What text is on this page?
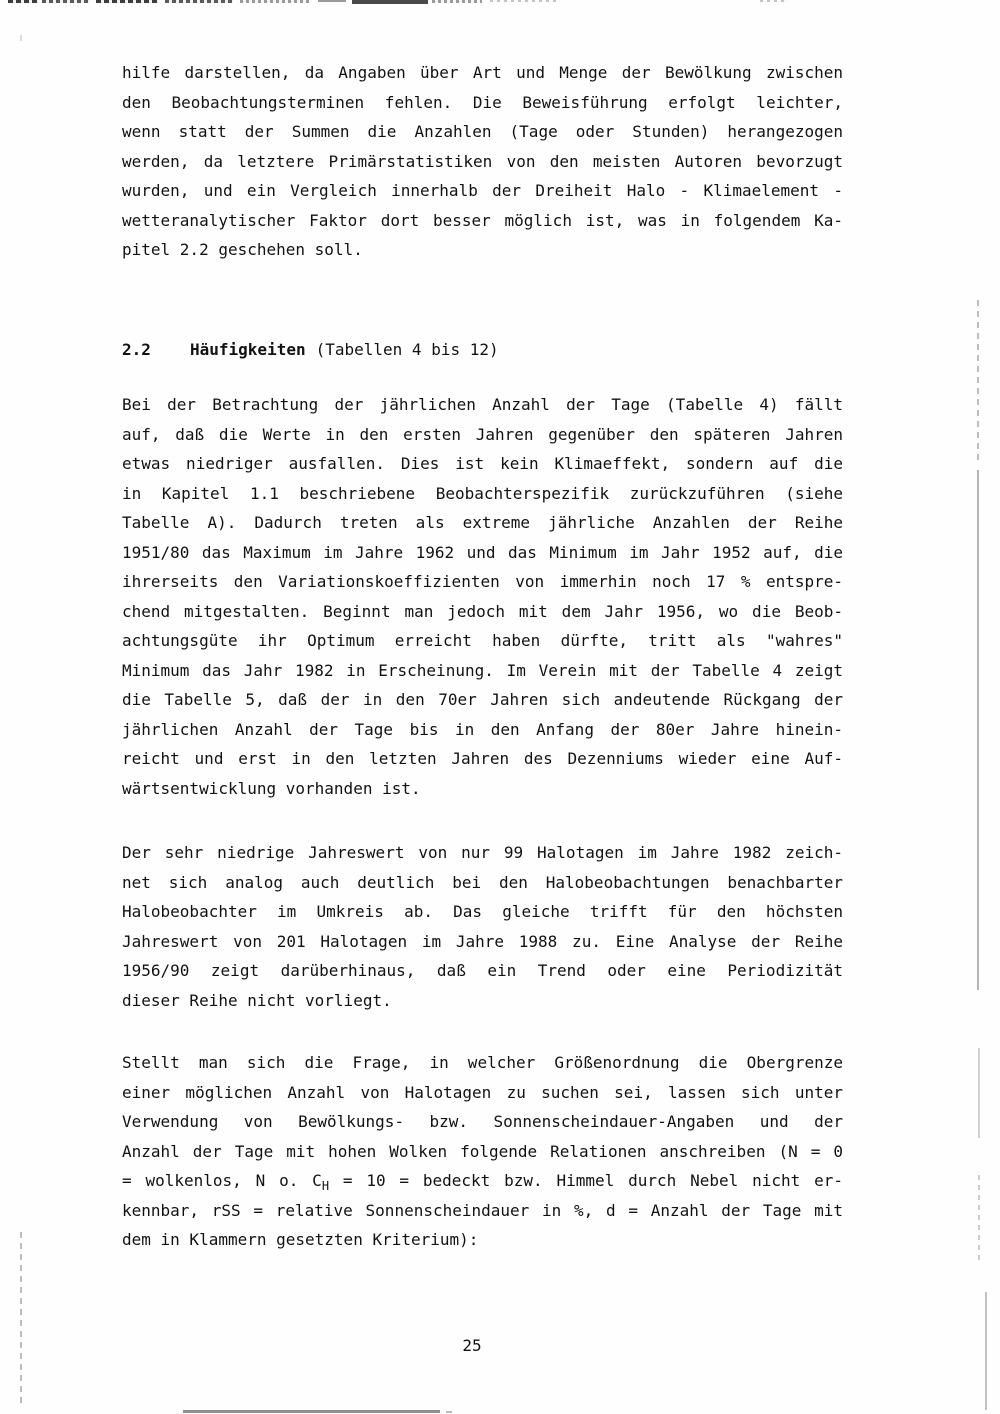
hilfe darstellen, da Angaben über Art und Menge der Bewölkung zwischen
den Beobachtungsterminen fehlen. Die Beweisführung erfolgt leichter,
wenn statt der Summen die Anzahlen (Tage oder Stunden) herangezogen
werden, da letztere Primärstatistiken von den meisten Autoren bevorzugt
wurden, und ein Vergleich innerhalb der Dreiheit Halo - Klimaelement -
wetteranalytischer Faktor dort besser möglich ist, was in folgendem Ka-
pitel 2.2 geschehen soll.
2.2 Häufigkeiten (Tabellen 4 bis 12)
Bei der Betrachtung der jährlichen Anzahl der Tage (Tabelle 4) fällt
auf, daß die Werte in den ersten Jahren gegenüber den späteren Jahren
etwas niedriger ausfallen. Dies ist kein Klimaeffekt, sondern auf die
in Kapitel 1.1 beschriebene Beobachterspezifik zurückzuführen (siehe
Tabelle A). Dadurch treten als extreme jährliche Anzahlen der Reihe
1951/80 das Maximum im Jahre 1962 und das Minimum im Jahr 1952 auf, die
ihrerseits den Variationskoeffizienten von immerhin noch 17 % entspre-
chend mitgestalten. Beginnt man jedoch mit dem Jahr 1956, wo die Beob-
achtungsgüte ihr Optimum erreicht haben dürfte, tritt als "wahres"
Minimum das Jahr 1982 in Erscheinung. Im Verein mit der Tabelle 4 zeigt
die Tabelle 5, daß der in den 70er Jahren sich andeutende Rückgang der
jährlichen Anzahl der Tage bis in den Anfang der 80er Jahre hinein-
reicht und erst in den letzten Jahren des Dezenniums wieder eine Auf-
wärtsentwicklung vorhanden ist.
Der sehr niedrige Jahreswert von nur 99 Halotagen im Jahre 1982 zeich-
net sich analog auch deutlich bei den Halobeobachtungen benachbarter
Halobeobachter im Umkreis ab. Das gleiche trifft für den höchsten
Jahreswert von 201 Halotagen im Jahre 1988 zu. Eine Analyse der Reihe
1956/90 zeigt darüberhinaus, daß ein Trend oder eine Periodizität
dieser Reihe nicht vorliegt.
Stellt man sich die Frage, in welcher Größenordnung die Obergrenze
einer möglichen Anzahl von Halotagen zu suchen sei, lassen sich unter
Verwendung von Bewölkungs- bzw. Sonnenscheindauer-Angaben und der
Anzahl der Tage mit hohen Wolken folgende Relationen anschreiben (N = 0
= wolkenlos, N o. $C_H = 10$ = bedeckt bzw. Himmel durch Nebel nicht er-
kennbar, rSS = relative Sonnenscheindauer in %, d = Anzahl der Tage mit
dem in Klammern gesetzten Kriterium):
25
